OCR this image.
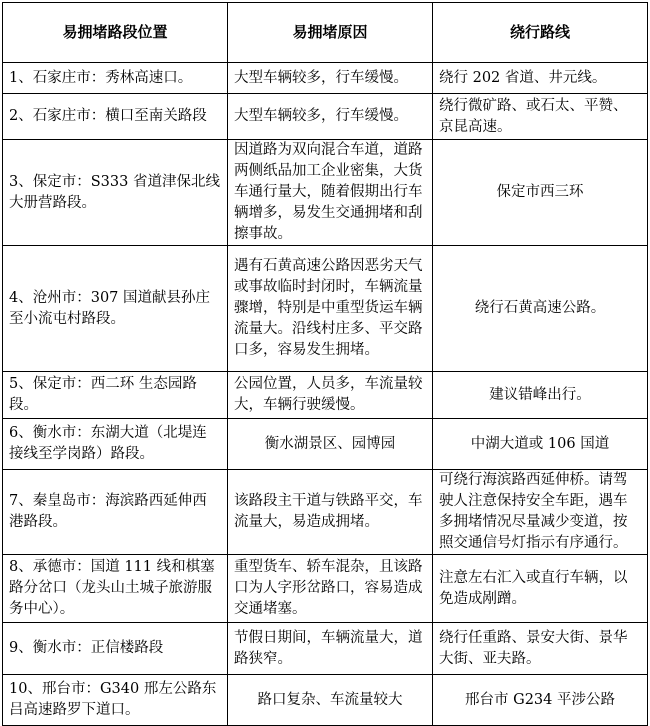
易拥堵路段位置	易拥堵原因	绕行路线
1、石家庄市：秀林高速口。	大型车辆较多，行车缓慢。	绕行 202 省道、井元线。
2、石家庄市：横口至南关路段	大型车辆较多，行车缓慢。	绕行微矿路、或石太、平赞、京昆高速。
3、保定市：S333 省道津保北线大册营路段。	因道路为双向混合车道，道路两侧纸品加工企业密集，大货车通行量大，随着假期出行车辆增多，易发生交通拥堵和刮擦事故。	保定市西三环
4、沧州市：307 国道献县孙庄至小流屯村路段。	遇有石黄高速公路因恶劣天气或事故临时封闭时，车辆流量骤增，特别是中重型货运车辆流量大。沿线村庄多、平交路口多，容易发生拥堵。	绕行石黄高速公路。
5、保定市：西二环 生态园路段。	公园位置，人员多，车流量较大，车辆行驶缓慢。	建议错峰出行。
6、衡水市：东湖大道（北堤连接线至学岗路）路段。	衡水湖景区、园博园	中湖大道或 106 国道
7、秦皇岛市：海滨路西延伸西港路段。	该路段主干道与铁路平交，车流量大，易造成拥堵。	可绕行海滨路西延伸桥。请驾驶人注意保持安全车距，遇车多拥堵情况尽量减少变道，按照交通信号灯指示有序通行。
8、承德市：国道 111 线和棋塞路分岔口（龙头山土城子旅游服务中心）。	重型货车、轿车混杂，且该路口为人字形岔路口，容易造成交通堵塞。	注意左右汇入或直行车辆，以免造成剐蹭。
9、衡水市：正信楼路段	节假日期间，车辆流量大，道路狭窄。	绕行任重路、景安大街、景华大街、亚夫路。
10、邢台市：G340 邢左公路东吕高速路罗下道口。	路口复杂、车流量较大	邢台市 G234 平涉公路
